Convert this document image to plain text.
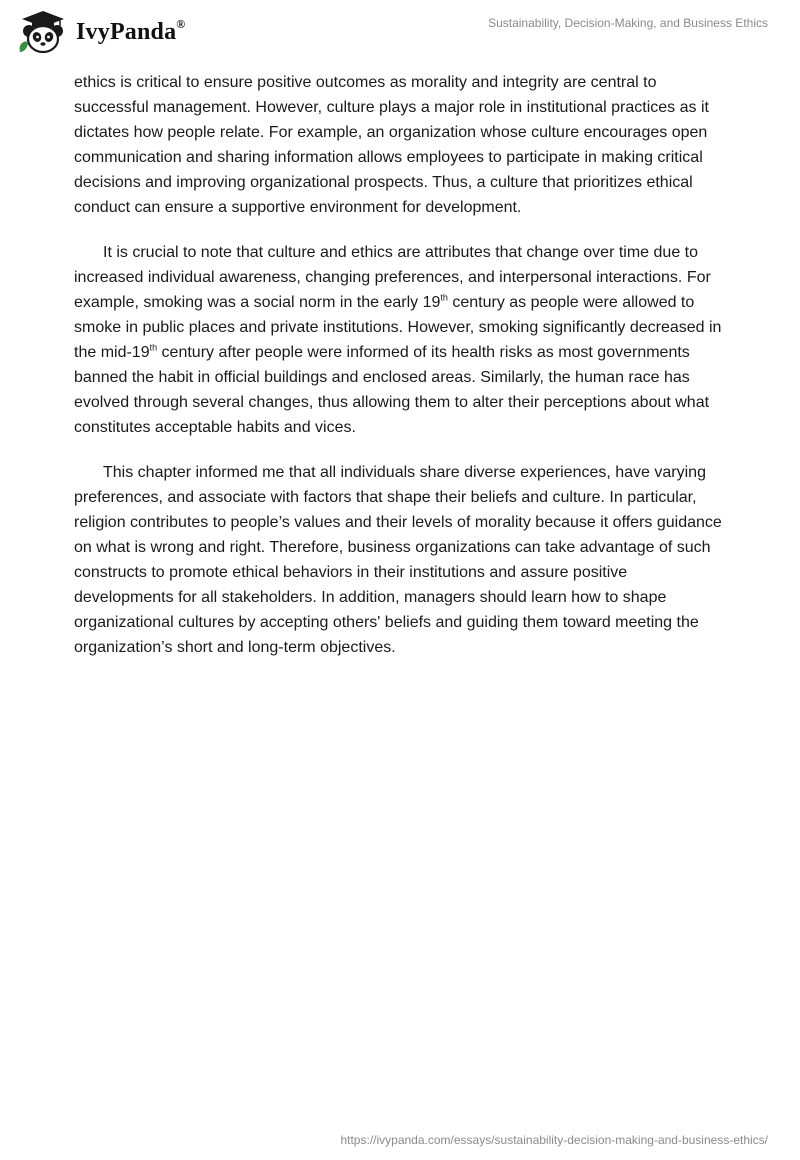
IvyPanda®	Sustainability, Decision-Making, and Business Ethics

ethics is critical to ensure positive outcomes as morality and integrity are central to successful management. However, culture plays a major role in institutional practices as it dictates how people relate. For example, an organization whose culture encourages open communication and sharing information allows employees to participate in making critical decisions and improving organizational prospects. Thus, a culture that prioritizes ethical conduct can ensure a supportive environment for development.

It is crucial to note that culture and ethics are attributes that change over time due to increased individual awareness, changing preferences, and interpersonal interactions. For example, smoking was a social norm in the early 19th century as people were allowed to smoke in public places and private institutions. However, smoking significantly decreased in the mid-19th century after people were informed of its health risks as most governments banned the habit in official buildings and enclosed areas. Similarly, the human race has evolved through several changes, thus allowing them to alter their perceptions about what constitutes acceptable habits and vices.

This chapter informed me that all individuals share diverse experiences, have varying preferences, and associate with factors that shape their beliefs and culture. In particular, religion contributes to people’s values and their levels of morality because it offers guidance on what is wrong and right. Therefore, business organizations can take advantage of such constructs to promote ethical behaviors in their institutions and assure positive developments for all stakeholders. In addition, managers should learn how to shape organizational cultures by accepting others' beliefs and guiding them toward meeting the organization’s short and long-term objectives.

https://ivypanda.com/essays/sustainability-decision-making-and-business-ethics/
